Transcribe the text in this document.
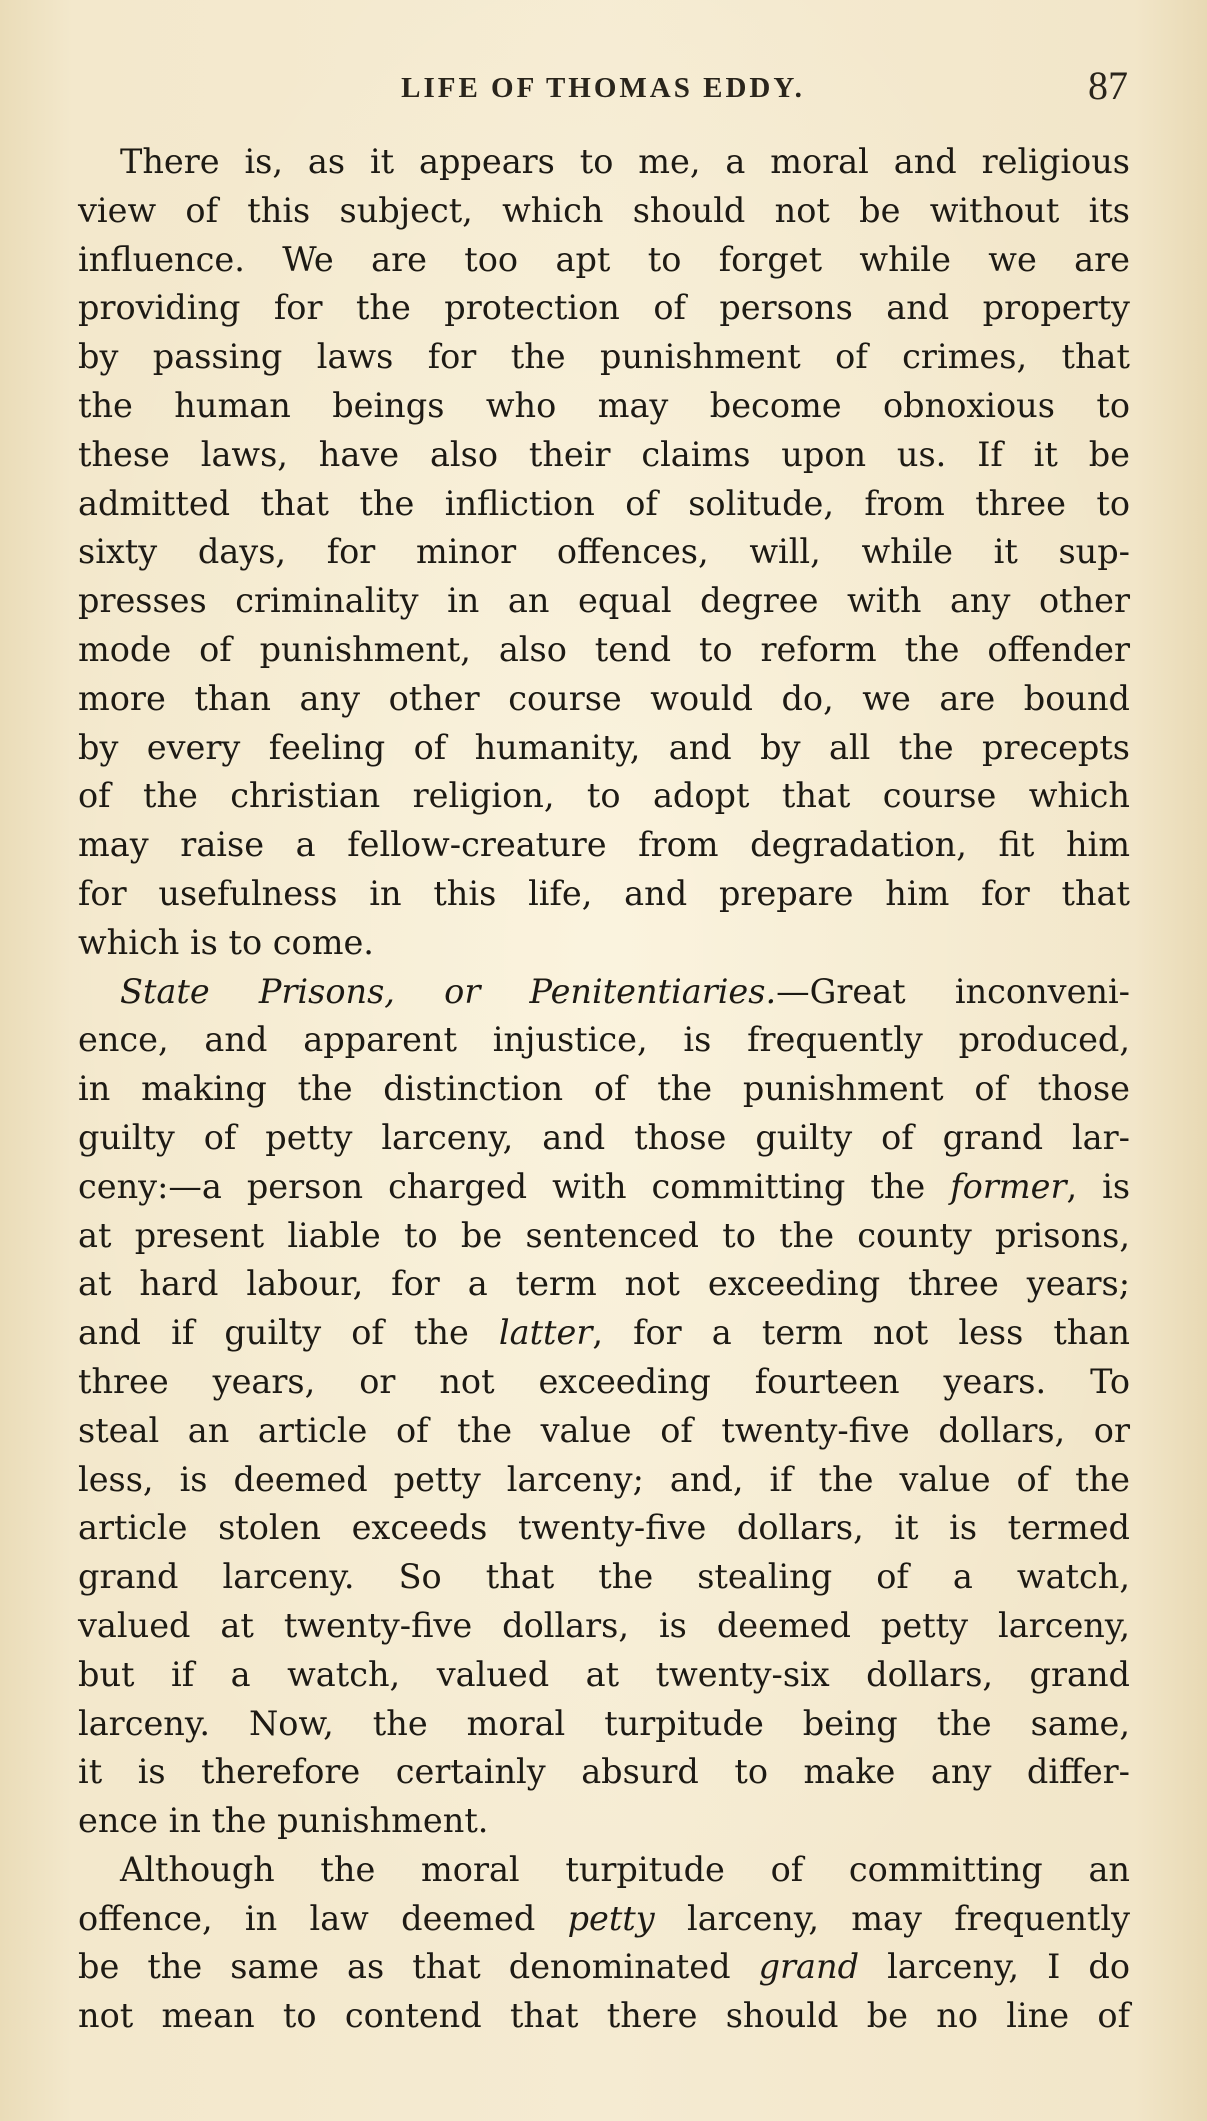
LIFE OF THOMAS EDDY.	87
There is, as it appears to me, a moral and religious
view of this subject, which should not be without its
influence. We are too apt to forget while we are
providing for the protection of persons and property
by passing laws for the punishment of crimes, that
the human beings who may become obnoxious to
these laws, have also their claims upon us. If it be
admitted that the infliction of solitude, from three to
sixty days, for minor offences, will, while it sup-
presses criminality in an equal degree with any other
mode of punishment, also tend to reform the offender
more than any other course would do, we are bound
by every feeling of humanity, and by all the precepts
of the christian religion, to adopt that course which
may raise a fellow-creature from degradation, fit him
for usefulness in this life, and prepare him for that
which is to come.
State Prisons, or Penitentiaries.—Great inconveni-
ence, and apparent injustice, is frequently produced,
in making the distinction of the punishment of those
guilty of petty larceny, and those guilty of grand lar-
ceny:—a person charged with committing the former, is
at present liable to be sentenced to the county prisons,
at hard labour, for a term not exceeding three years;
and if guilty of the latter, for a term not less than
three years, or not exceeding fourteen years. To
steal an article of the value of twenty-five dollars, or
less, is deemed petty larceny; and, if the value of the
article stolen exceeds twenty-five dollars, it is termed
grand larceny. So that the stealing of a watch,
valued at twenty-five dollars, is deemed petty larceny,
but if a watch, valued at twenty-six dollars, grand
larceny. Now, the moral turpitude being the same,
it is therefore certainly absurd to make any differ-
ence in the punishment.
Although the moral turpitude of committing an
offence, in law deemed petty larceny, may frequently
be the same as that denominated grand larceny, I do
not mean to contend that there should be no line of
